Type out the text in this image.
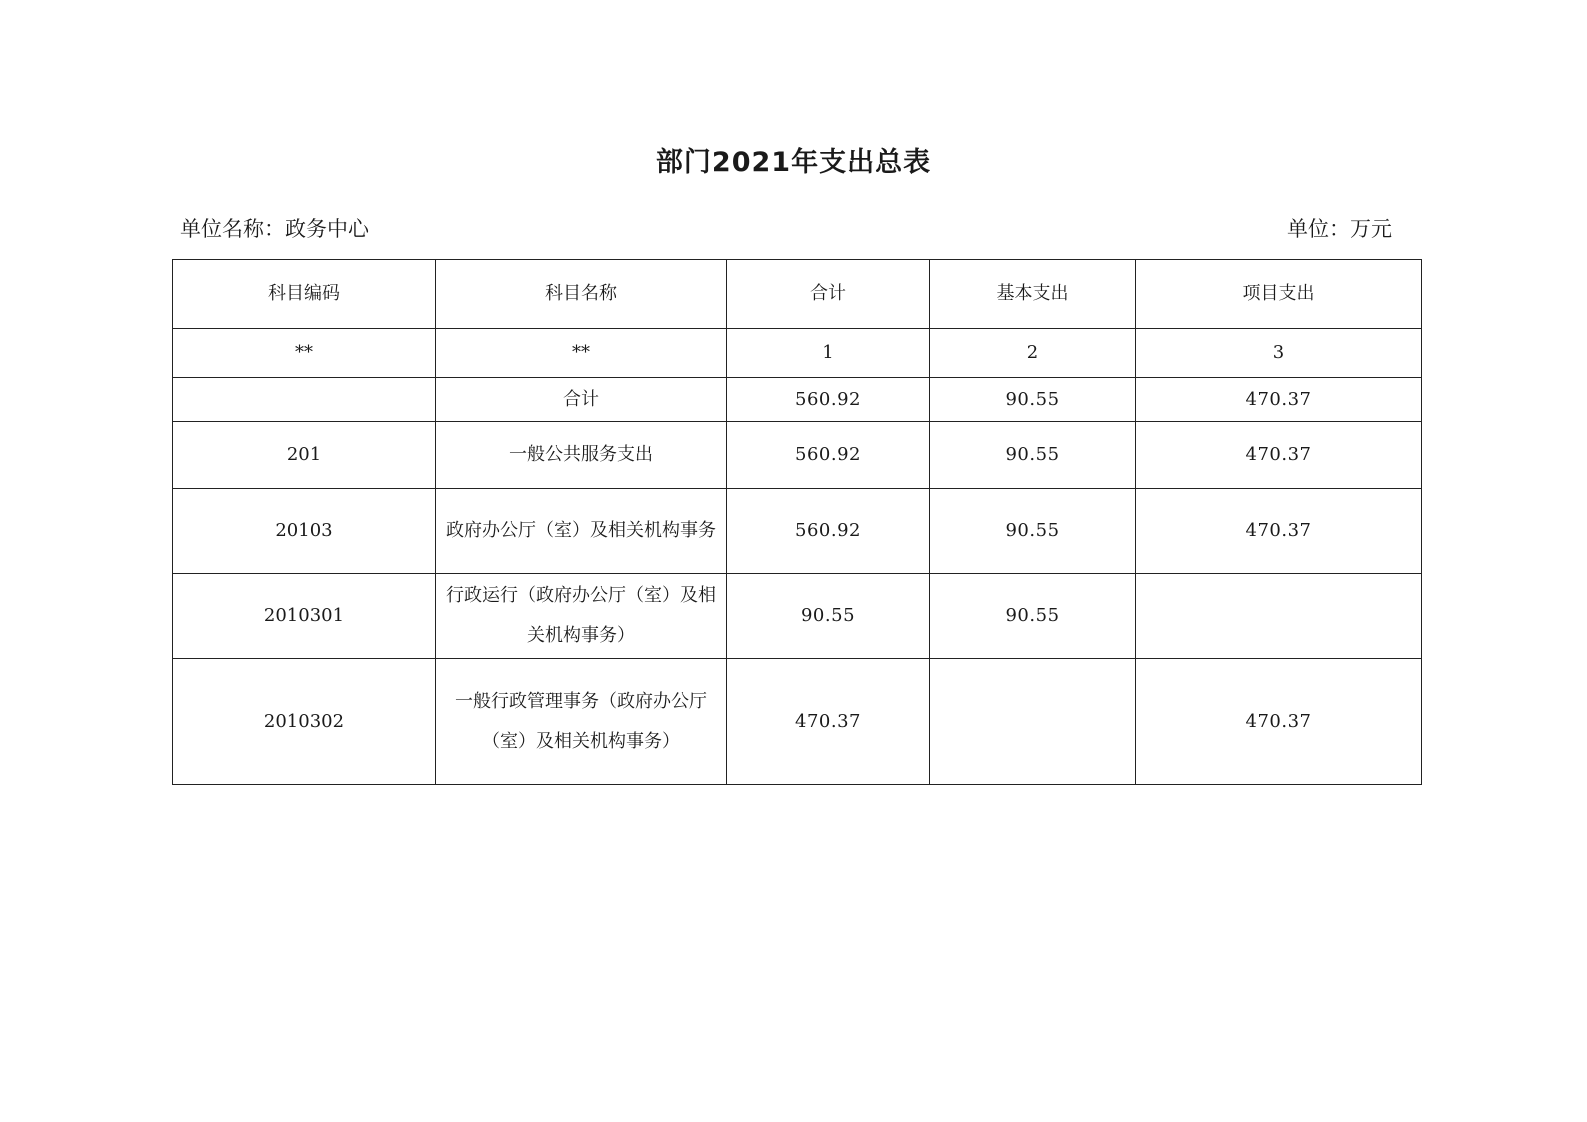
部门2021年支出总表
单位名称：政务中心	单位：万元
科目编码	科目名称	合计	基本支出	项目支出
**	**	1	2	3
	合计	560.92	90.55	470.37
201	一般公共服务支出	560.92	90.55	470.37
20103	政府办公厅（室）及相关机构事务	560.92	90.55	470.37
2010301	行政运行（政府办公厅（室）及相关机构事务）	90.55	90.55	
2010302	一般行政管理事务（政府办公厅（室）及相关机构事务）	470.37		470.37
